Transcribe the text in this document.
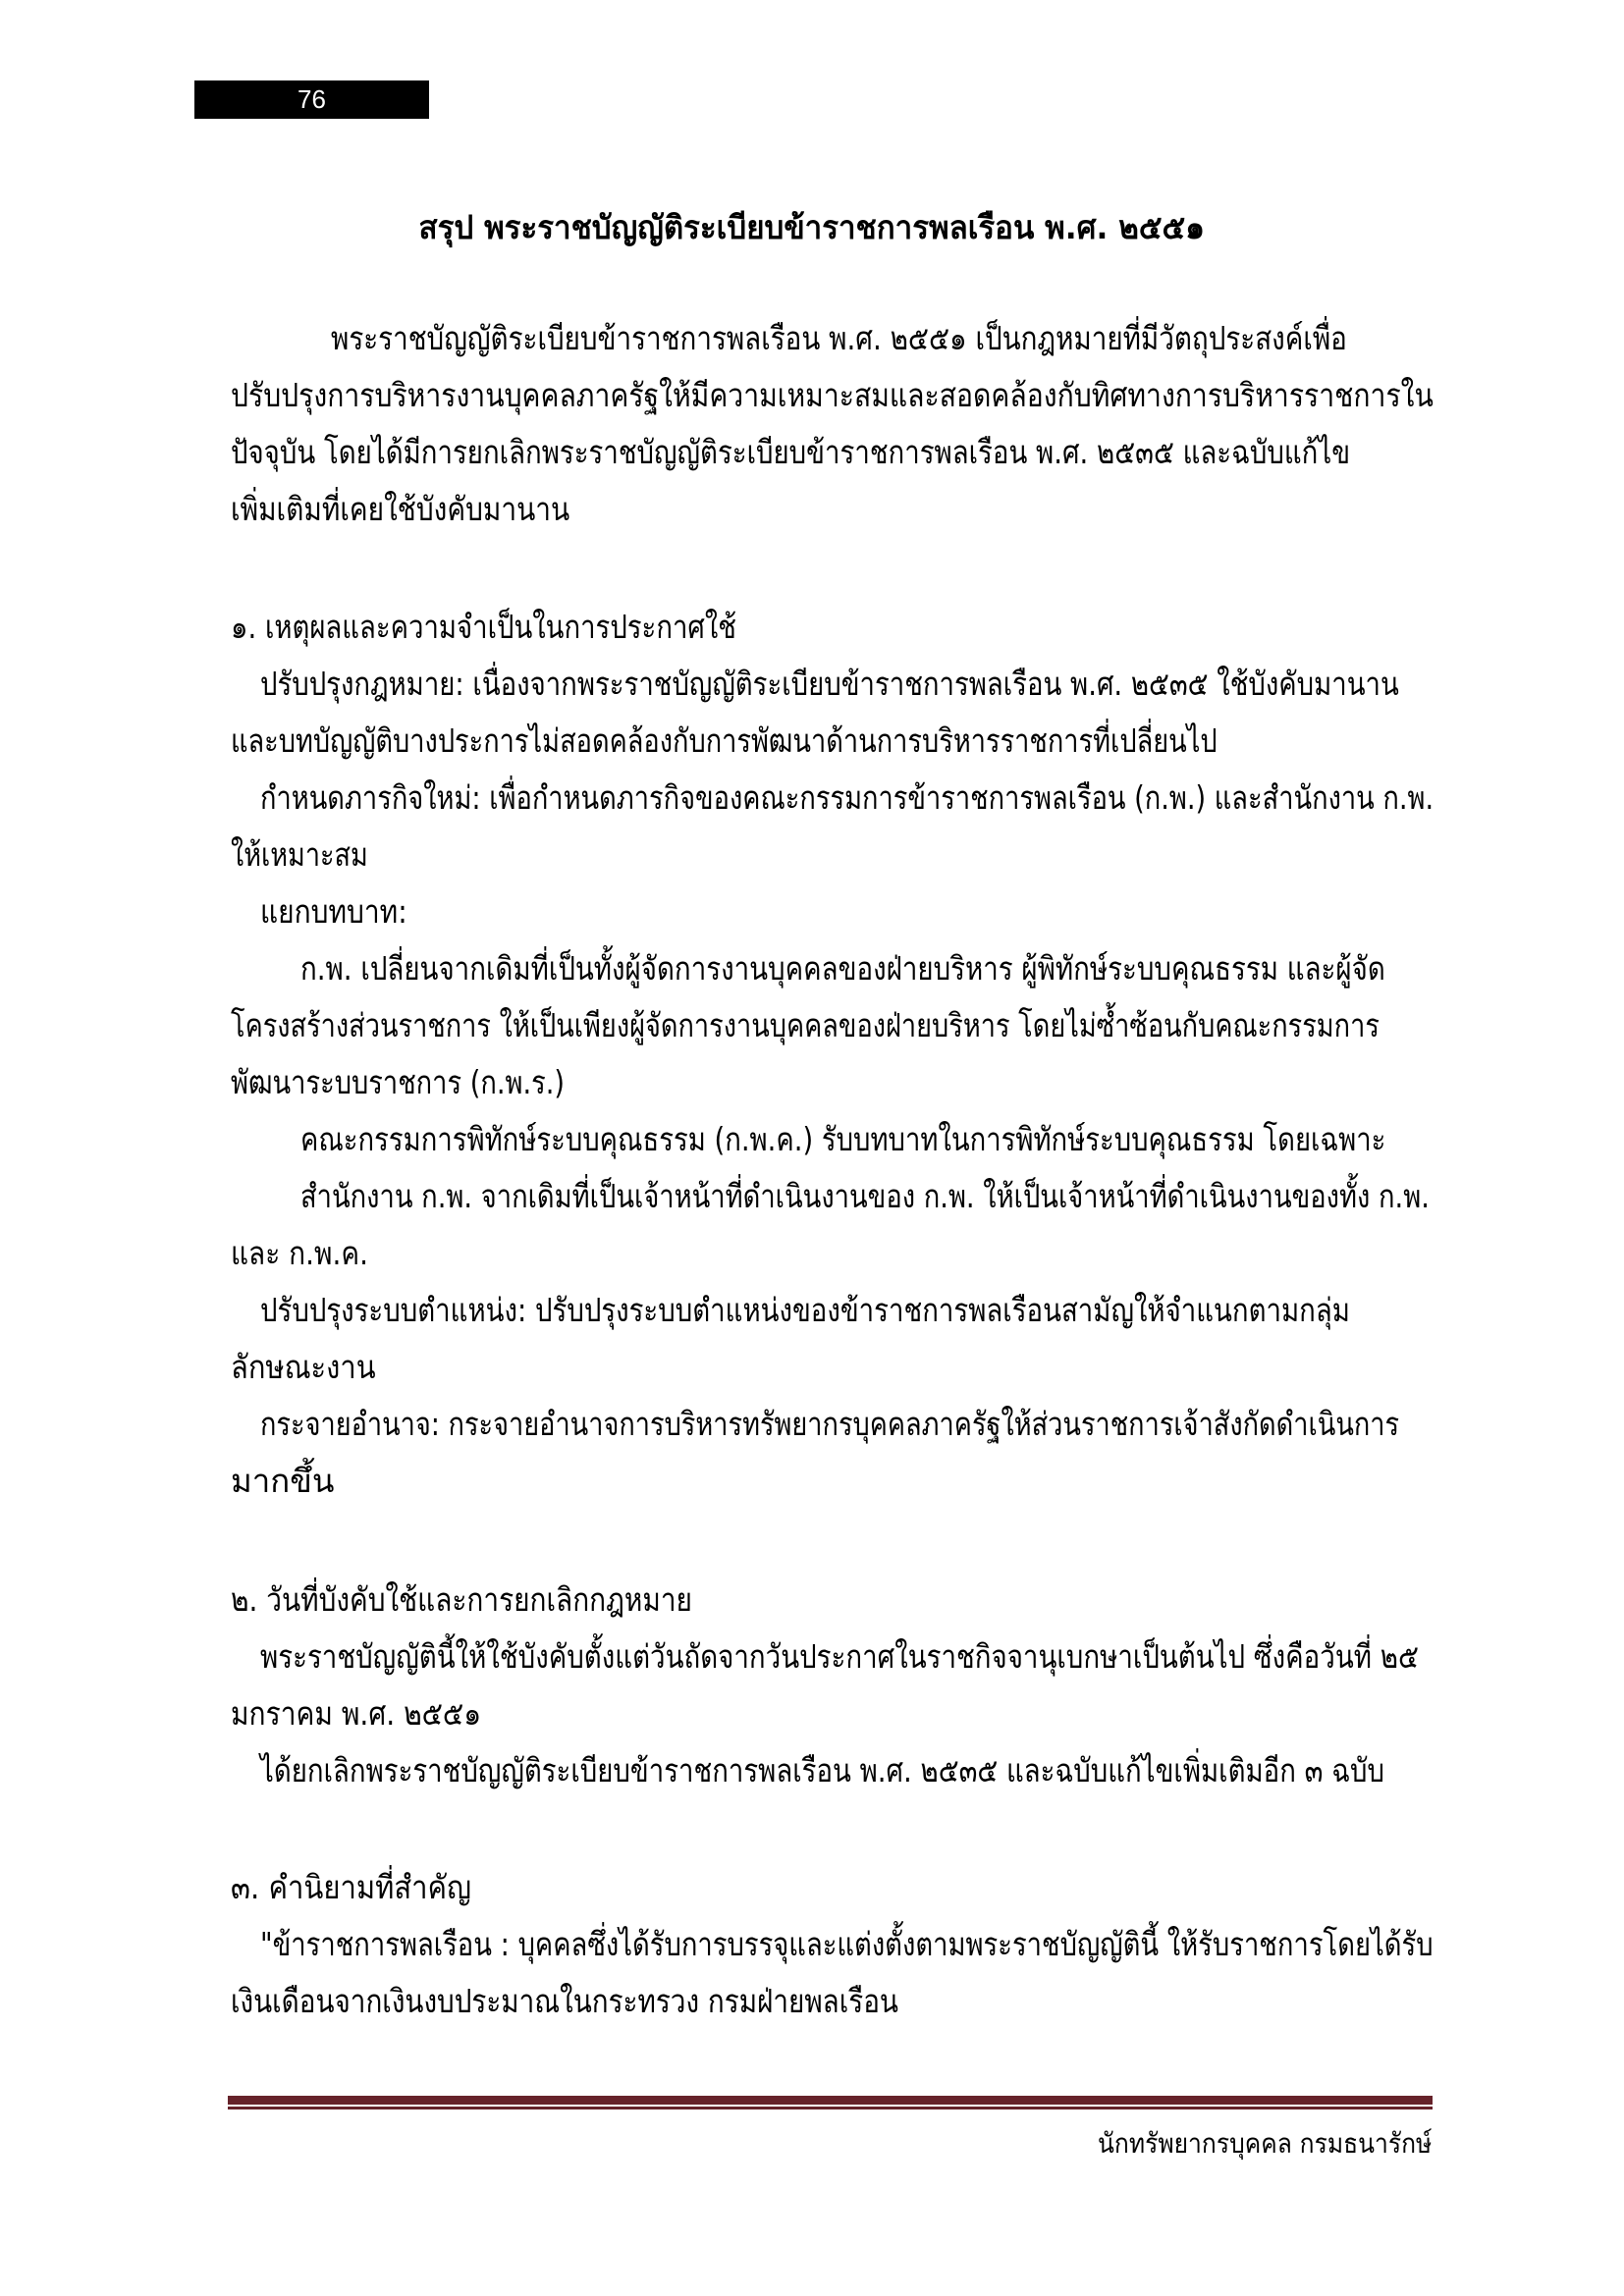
76
สรุป พระราชบัญญัติระเบียบข้าราชการพลเรือน พ.ศ. ๒๕๕๑
พระราชบัญญัติระเบียบข้าราชการพลเรือน พ.ศ. ๒๕๕๑ เป็นกฎหมายที่มีวัตถุประสงค์เพื่อ
ปรับปรุงการบริหารงานบุคคลภาครัฐให้มีความเหมาะสมและสอดคล้องกับทิศทางการบริหารราชการใน
ปัจจุบัน โดยได้มีการยกเลิกพระราชบัญญัติระเบียบข้าราชการพลเรือน พ.ศ. ๒๕๓๕ และฉบับแก้ไข
เพิ่มเติมที่เคยใช้บังคับมานาน
๑. เหตุผลและความจำเป็นในการประกาศใช้
ปรับปรุงกฎหมาย: เนื่องจากพระราชบัญญัติระเบียบข้าราชการพลเรือน พ.ศ. ๒๕๓๕ ใช้บังคับมานาน
และบทบัญญัติบางประการไม่สอดคล้องกับการพัฒนาด้านการบริหารราชการที่เปลี่ยนไป
กำหนดภารกิจใหม่: เพื่อกำหนดภารกิจของคณะกรรมการข้าราชการพลเรือน (ก.พ.) และสำนักงาน ก.พ.
ให้เหมาะสม
แยกบทบาท:
ก.พ. เปลี่ยนจากเดิมที่เป็นทั้งผู้จัดการงานบุคคลของฝ่ายบริหาร ผู้พิทักษ์ระบบคุณธรรม และผู้จัด
โครงสร้างส่วนราชการ ให้เป็นเพียงผู้จัดการงานบุคคลของฝ่ายบริหาร โดยไม่ซ้ำซ้อนกับคณะกรรมการ
พัฒนาระบบราชการ (ก.พ.ร.)
คณะกรรมการพิทักษ์ระบบคุณธรรม (ก.พ.ค.) รับบทบาทในการพิทักษ์ระบบคุณธรรม โดยเฉพาะ
สำนักงาน ก.พ. จากเดิมที่เป็นเจ้าหน้าที่ดำเนินงานของ ก.พ. ให้เป็นเจ้าหน้าที่ดำเนินงานของทั้ง ก.พ.
และ ก.พ.ค.
ปรับปรุงระบบตำแหน่ง: ปรับปรุงระบบตำแหน่งของข้าราชการพลเรือนสามัญให้จำแนกตามกลุ่ม
ลักษณะงาน
กระจายอำนาจ: กระจายอำนาจการบริหารทรัพยากรบุคคลภาครัฐให้ส่วนราชการเจ้าสังกัดดำเนินการ
มากขึ้น
๒. วันที่บังคับใช้และการยกเลิกกฎหมาย
พระราชบัญญัตินี้ให้ใช้บังคับตั้งแต่วันถัดจากวันประกาศในราชกิจจานุเบกษาเป็นต้นไป ซึ่งคือวันที่ ๒๕
มกราคม พ.ศ. ๒๕๕๑
ได้ยกเลิกพระราชบัญญัติระเบียบข้าราชการพลเรือน พ.ศ. ๒๕๓๕ และฉบับแก้ไขเพิ่มเติมอีก ๓ ฉบับ
๓. คำนิยามที่สำคัญ
"ข้าราชการพลเรือน : บุคคลซึ่งได้รับการบรรจุและแต่งตั้งตามพระราชบัญญัตินี้ ให้รับราชการโดยได้รับ
เงินเดือนจากเงินงบประมาณในกระทรวง กรมฝ่ายพลเรือน
นักทรัพยากรบุคคล กรมธนารักษ์
